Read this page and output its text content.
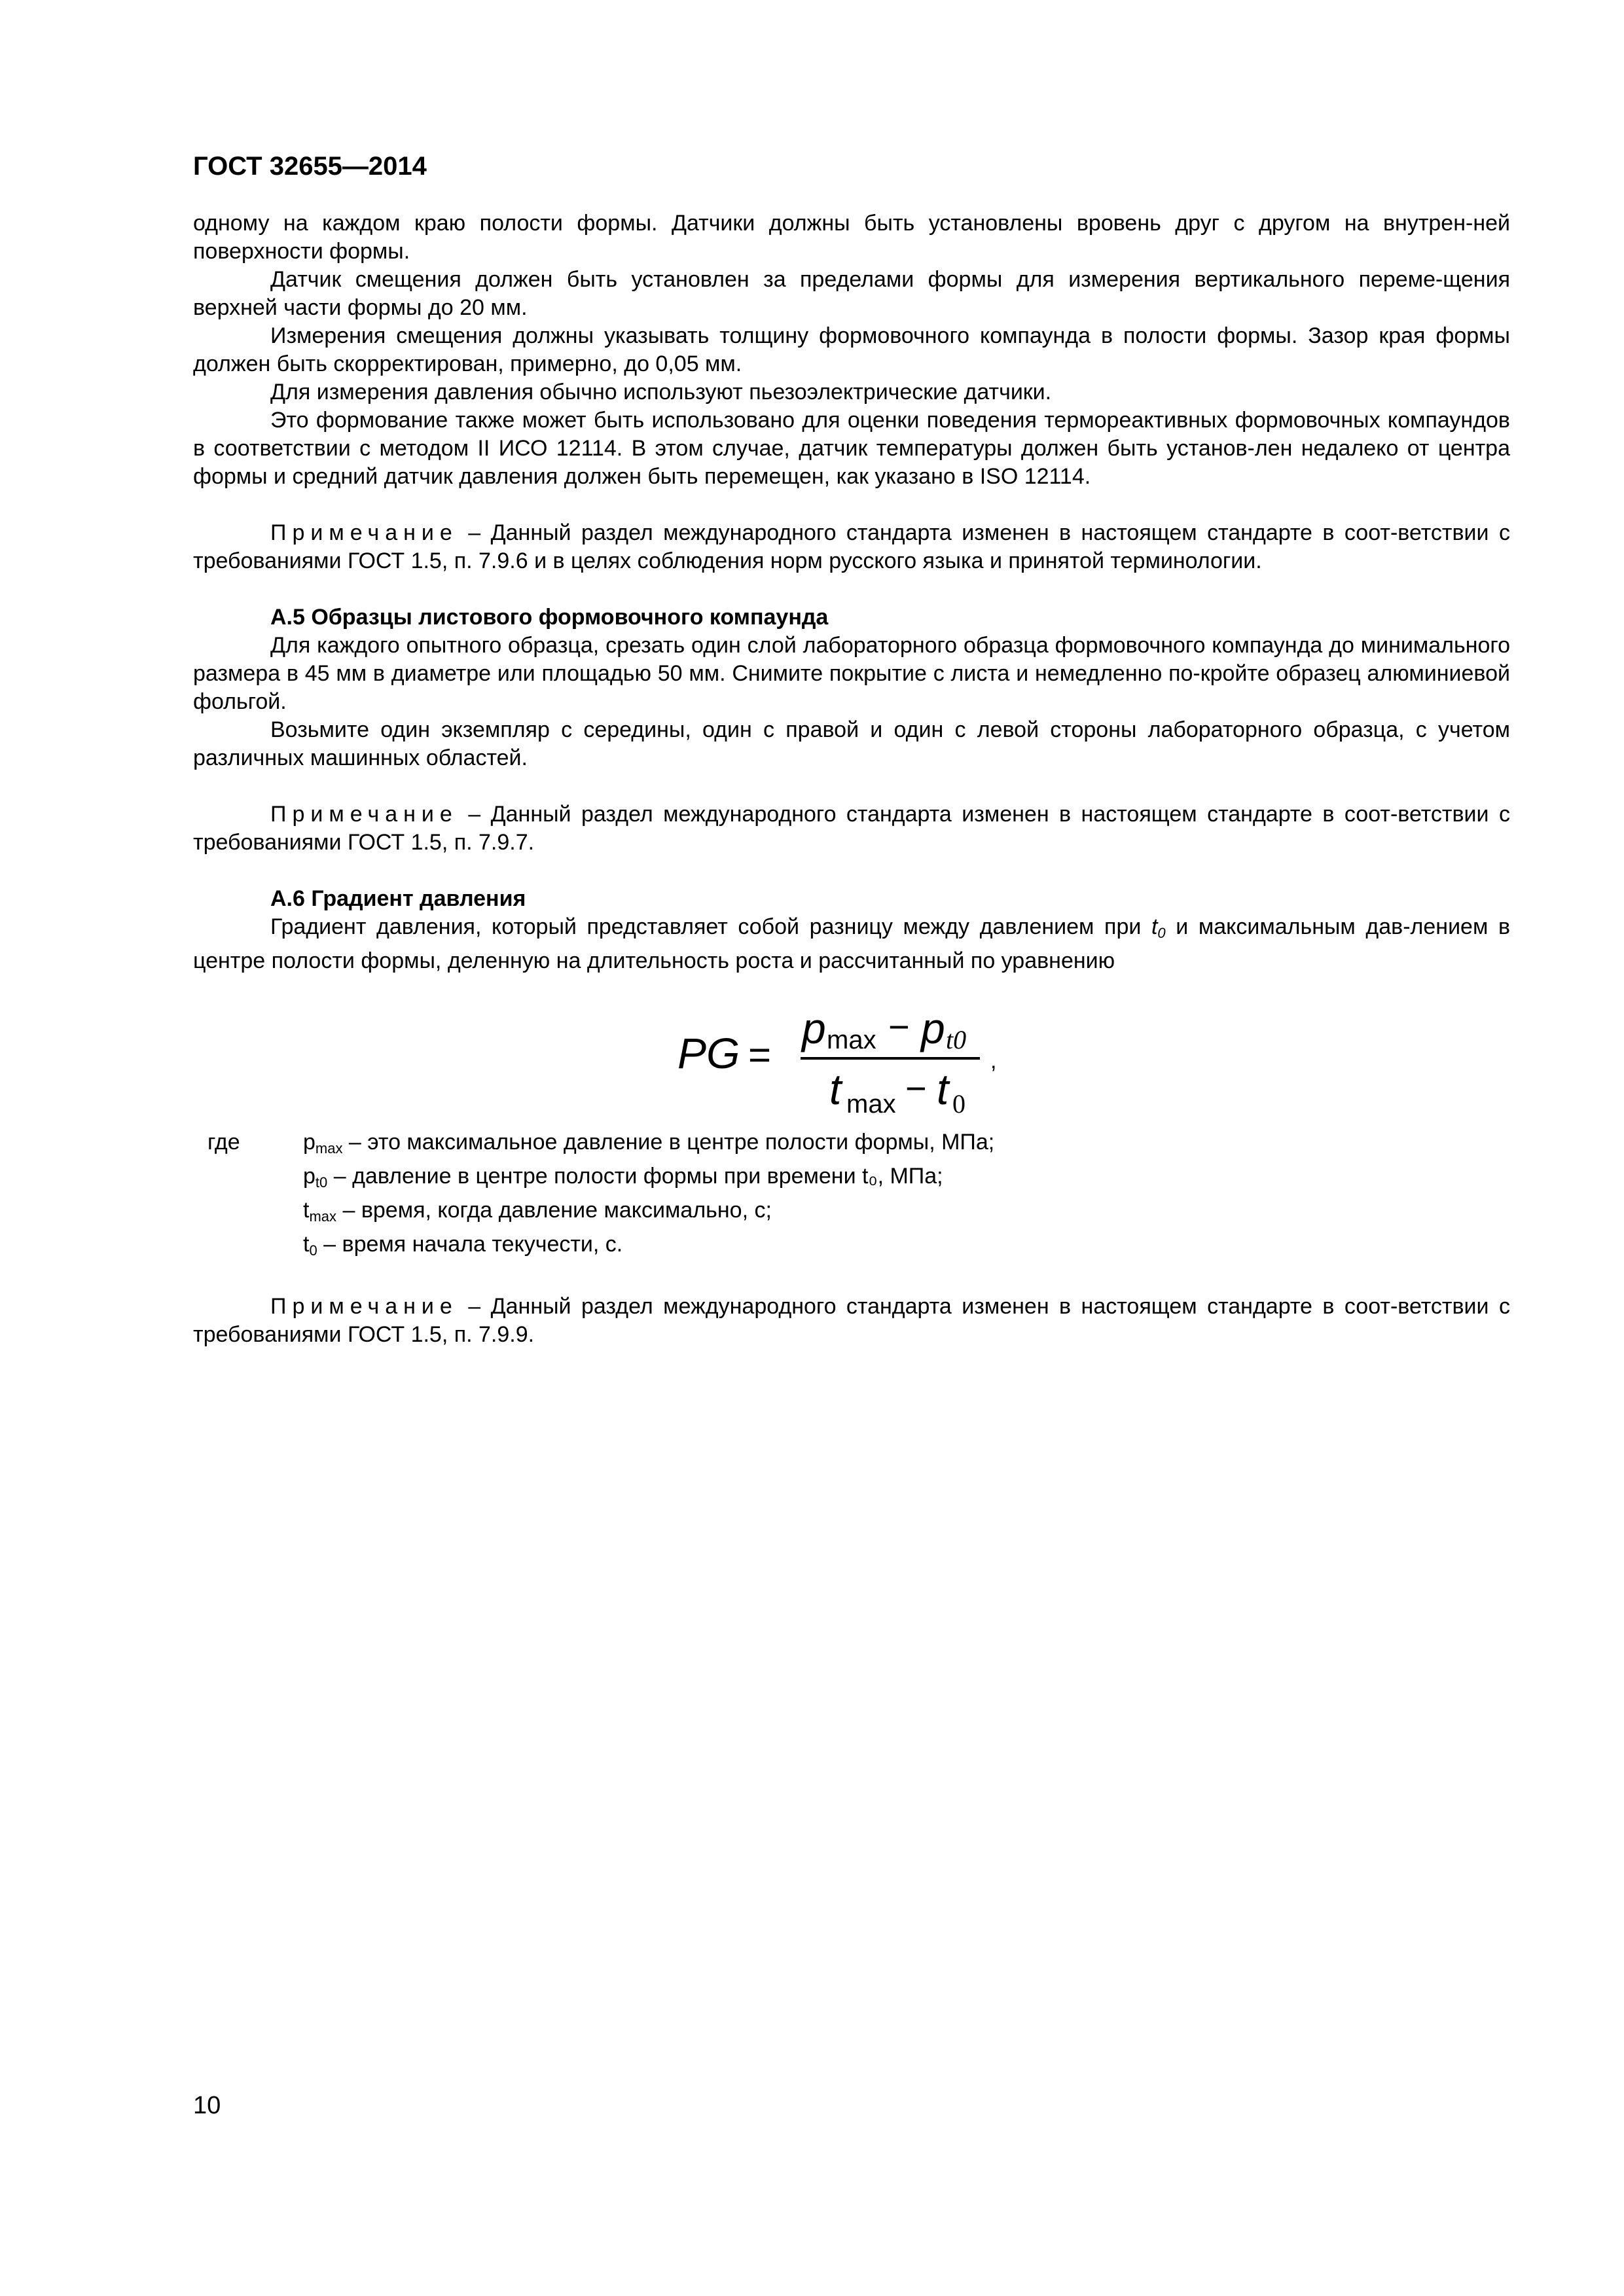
ГОСТ 32655—2014

одному на каждом краю полости формы. Датчики должны быть установлены вровень друг с другом на внутрен-ней поверхности формы.

Датчик смещения должен быть установлен за пределами формы для измерения вертикального переме-щения верхней части формы до 20 мм.

Измерения смещения должны указывать толщину формовочного компаунда в полости формы. Зазор края формы должен быть скорректирован, примерно, до 0,05 мм.

Для измерения давления обычно используют пьезоэлектрические датчики.

Это формование также может быть использовано для оценки поведения термореактивных формовочных компаундов в соответствии с методом II ИСО 12114. В этом случае, датчик температуры должен быть установ-лен недалеко от центра формы и средний датчик давления должен быть перемещен, как указано в ISO 12114.

Примечание – Данный раздел международного стандарта изменен в настоящем стандарте в соот-ветствии с требованиями ГОСТ 1.5, п. 7.9.6 и в целях соблюдения норм русского языка и принятой терминологии.

А.5 Образцы листового формовочного компаунда

Для каждого опытного образца, срезать один слой лабораторного образца формовочного компаунда до минимального размера в 45 мм в диаметре или площадью 50 мм. Снимите покрытие с листа и немедленно по-кройте образец алюминиевой фольгой.

Возьмите один экземпляр с середины, один с правой и один с левой стороны лабораторного образца, с учетом различных машинных областей.

Примечание – Данный раздел международного стандарта изменен в настоящем стандарте в соот-ветствии с требованиями ГОСТ 1.5, п. 7.9.7.

А.6 Градиент давления

Градиент давления, который представляет собой разницу между давлением при $t_0$ и максимальным дав-лением в центре полости формы, деленную на длительность роста и рассчитанный по уравнению

PG =
p max − p t0
t max − t 0
,
где	$p_{max}$ – это максимальное давление в центре полости формы, МПа;
$p_{t0}$ – давление в центре полости формы при времени t₀, МПа;
$t_{max}$ – время, когда давление максимально, с;
$t_0$ – время начала текучести, с.

Примечание – Данный раздел международного стандарта изменен в настоящем стандарте в соот-ветствии с требованиями ГОСТ 1.5, п. 7.9.9.

10
